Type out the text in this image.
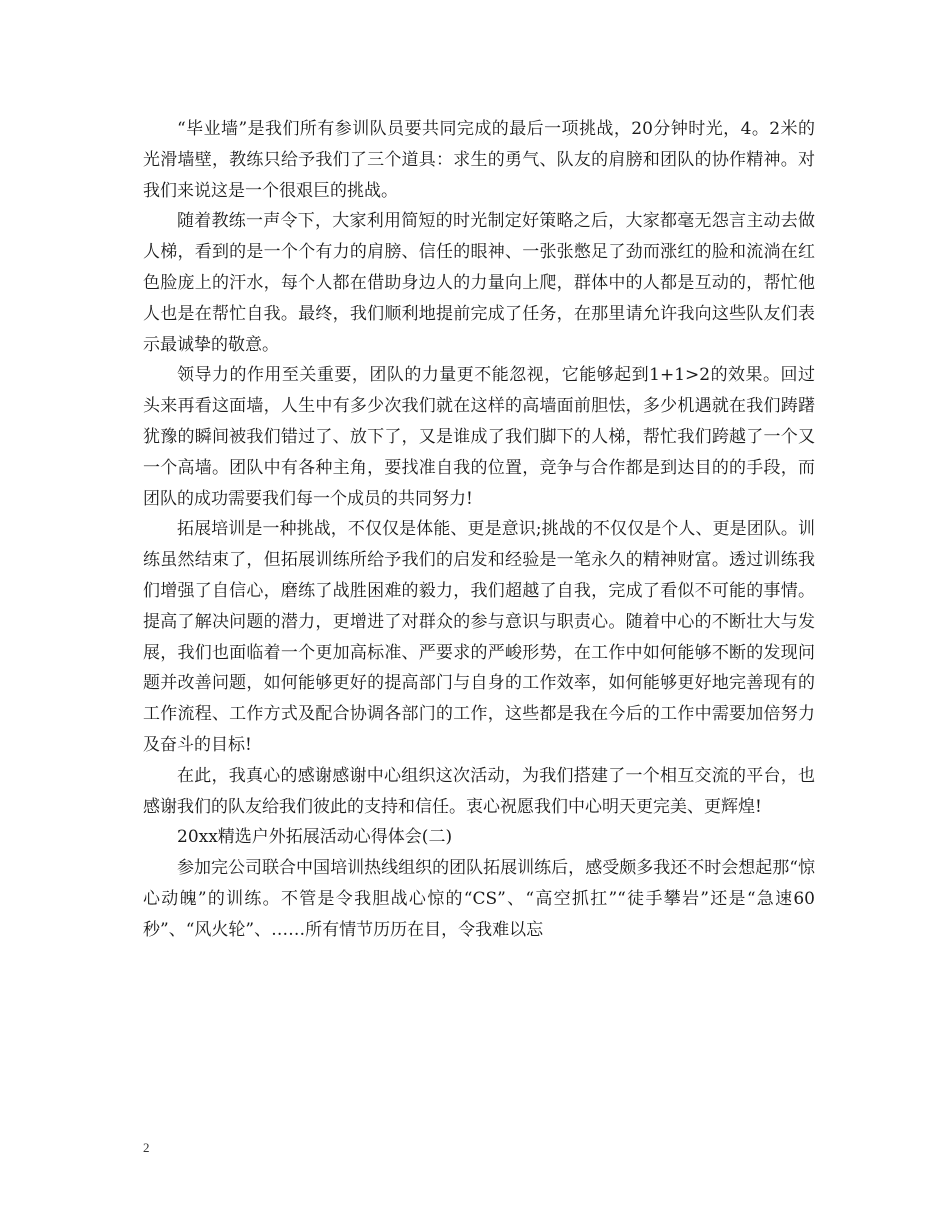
“毕业墙”是我们所有参训队员要共同完成的最后一项挑战，20分钟时光，4。2米的光滑墙壁，教练只给予我们了三个道具：求生的勇气、队友的肩膀和团队的协作精神。对我们来说这是一个很艰巨的挑战。

随着教练一声令下，大家利用简短的时光制定好策略之后，大家都毫无怨言主动去做人梯，看到的是一个个有力的肩膀、信任的眼神、一张张憋足了劲而涨红的脸和流淌在红色脸庞上的汗水，每个人都在借助身边人的力量向上爬，群体中的人都是互动的，帮忙他人也是在帮忙自我。最终，我们顺利地提前完成了任务，在那里请允许我向这些队友们表示最诚挚的敬意。

领导力的作用至关重要，团队的力量更不能忽视，它能够起到1+1>2的效果。回过头来再看这面墙，人生中有多少次我们就在这样的高墙面前胆怯，多少机遇就在我们踌躇犹豫的瞬间被我们错过了、放下了，又是谁成了我们脚下的人梯，帮忙我们跨越了一个又一个高墙。团队中有各种主角，要找准自我的位置，竞争与合作都是到达目的的手段，而团队的成功需要我们每一个成员的共同努力!

拓展培训是一种挑战，不仅仅是体能、更是意识;挑战的不仅仅是个人、更是团队。训练虽然结束了，但拓展训练所给予我们的启发和经验是一笔永久的精神财富。透过训练我们增强了自信心，磨练了战胜困难的毅力，我们超越了自我，完成了看似不可能的事情。提高了解决问题的潜力，更增进了对群众的参与意识与职责心。随着中心的不断壮大与发展，我们也面临着一个更加高标准、严要求的严峻形势，在工作中如何能够不断的发现问题并改善问题，如何能够更好的提高部门与自身的工作效率，如何能够更好地完善现有的工作流程、工作方式及配合协调各部门的工作，这些都是我在今后的工作中需要加倍努力及奋斗的目标!

在此，我真心的感谢感谢中心组织这次活动，为我们搭建了一个相互交流的平台，也感谢我们的队友给我们彼此的支持和信任。衷心祝愿我们中心明天更完美、更辉煌!

20xx精选户外拓展活动心得体会(二)

参加完公司联合中国培训热线组织的团队拓展训练后，感受颇多我还不时会想起那“惊心动魄”的训练。不管是令我胆战心惊的“CS”、“高空抓扛”“徒手攀岩”还是“急速60秒”、“风火轮”、……所有情节历历在目，令我难以忘

2
